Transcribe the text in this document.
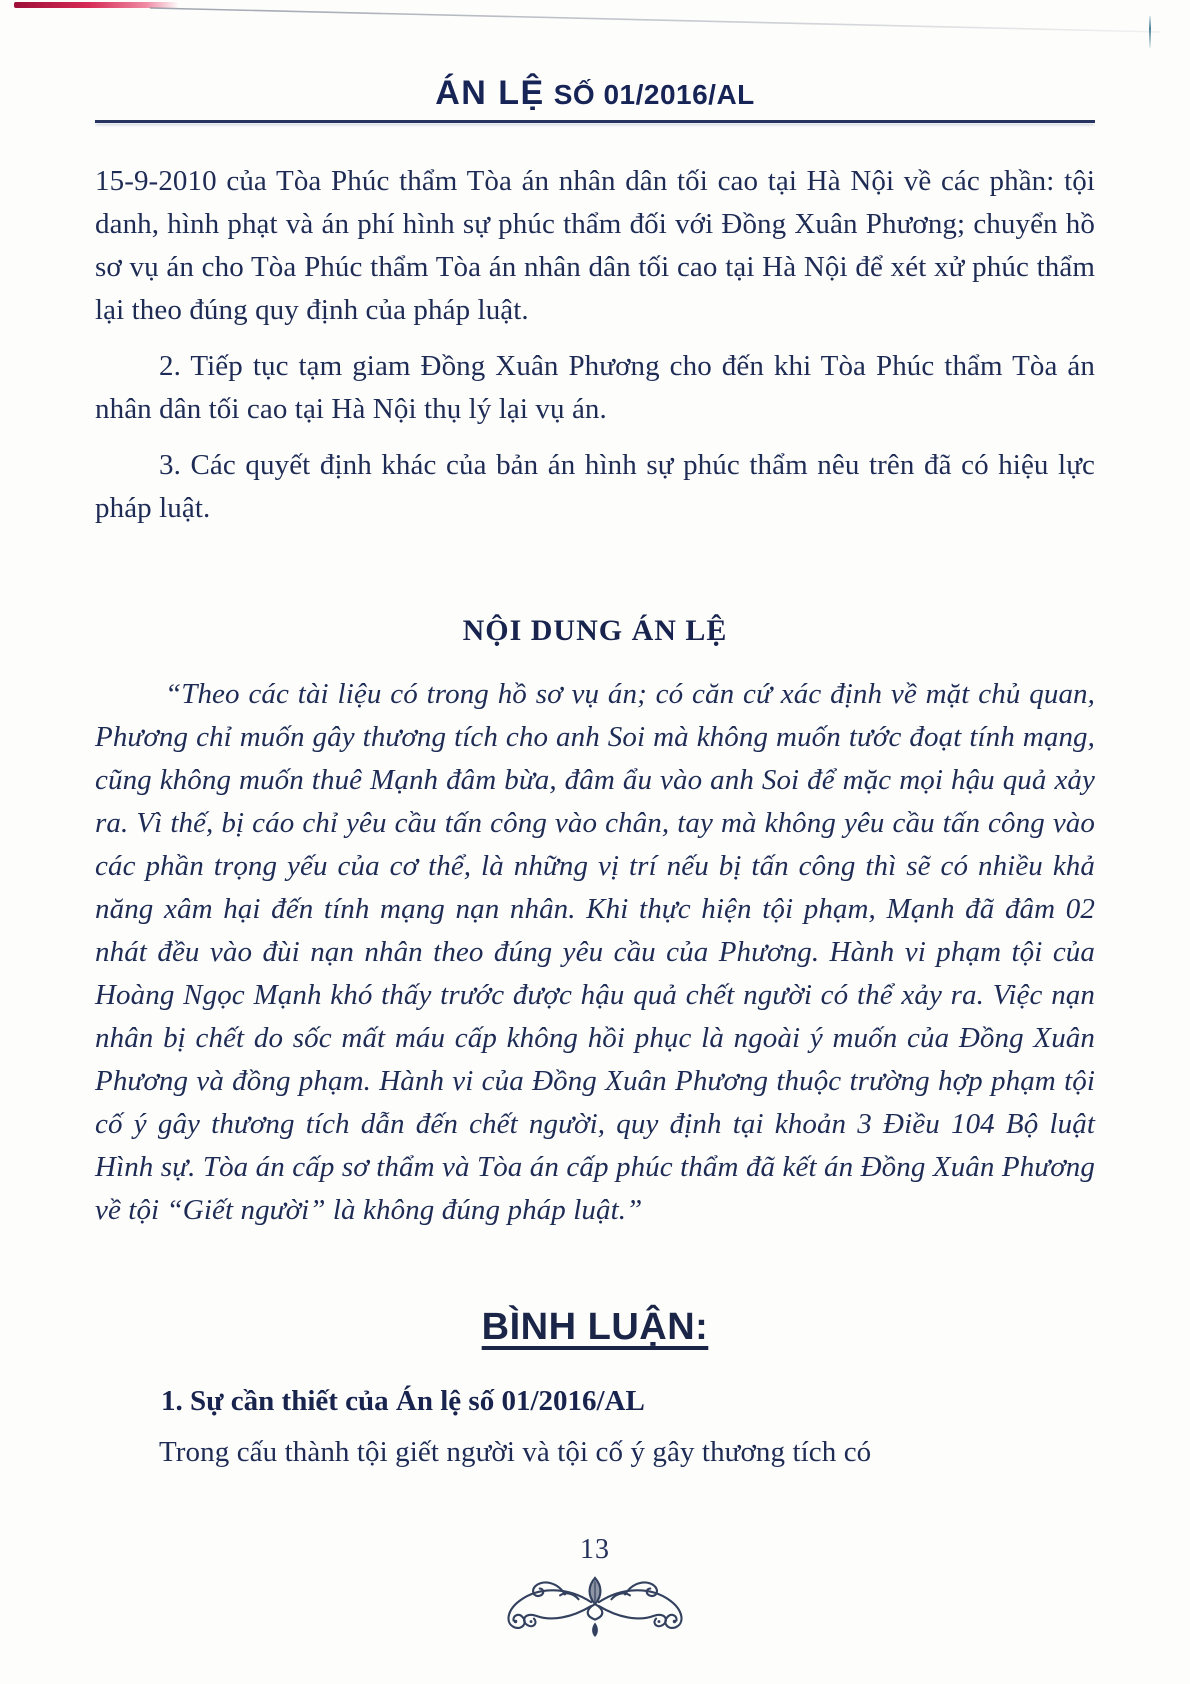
ÁN LỆ SỐ 01/2016/AL

15-9-2010 của Tòa Phúc thẩm Tòa án nhân dân tối cao tại Hà Nội về các phần: tội danh, hình phạt và án phí hình sự phúc thẩm đối với Đồng Xuân Phương; chuyển hồ sơ vụ án cho Tòa Phúc thẩm Tòa án nhân dân tối cao tại Hà Nội để xét xử phúc thẩm lại theo đúng quy định của pháp luật.

2. Tiếp tục tạm giam Đồng Xuân Phương cho đến khi Tòa Phúc thẩm Tòa án nhân dân tối cao tại Hà Nội thụ lý lại vụ án.

3. Các quyết định khác của bản án hình sự phúc thẩm nêu trên đã có hiệu lực pháp luật.

NỘI DUNG ÁN LỆ

“Theo các tài liệu có trong hồ sơ vụ án; có căn cứ xác định về mặt chủ quan, Phương chỉ muốn gây thương tích cho anh Soi mà không muốn tước đoạt tính mạng, cũng không muốn thuê Mạnh đâm bừa, đâm ẩu vào anh Soi để mặc mọi hậu quả xảy ra. Vì thế, bị cáo chỉ yêu cầu tấn công vào chân, tay mà không yêu cầu tấn công vào các phần trọng yếu của cơ thể, là những vị trí nếu bị tấn công thì sẽ có nhiều khả năng xâm hại đến tính mạng nạn nhân. Khi thực hiện tội phạm, Mạnh đã đâm 02 nhát đều vào đùi nạn nhân theo đúng yêu cầu của Phương. Hành vi phạm tội của Hoàng Ngọc Mạnh khó thấy trước được hậu quả chết người có thể xảy ra. Việc nạn nhân bị chết do sốc mất máu cấp không hồi phục là ngoài ý muốn của Đồng Xuân Phương và đồng phạm. Hành vi của Đồng Xuân Phương thuộc trường hợp phạm tội cố ý gây thương tích dẫn đến chết người, quy định tại khoản 3 Điều 104 Bộ luật Hình sự. Tòa án cấp sơ thẩm và Tòa án cấp phúc thẩm đã kết án Đồng Xuân Phương về tội “Giết người” là không đúng pháp luật.”

BÌNH LUẬN:
1. Sự cần thiết của Án lệ số 01/2016/AL

Trong cấu thành tội giết người và tội cố ý gây thương tích có

13
